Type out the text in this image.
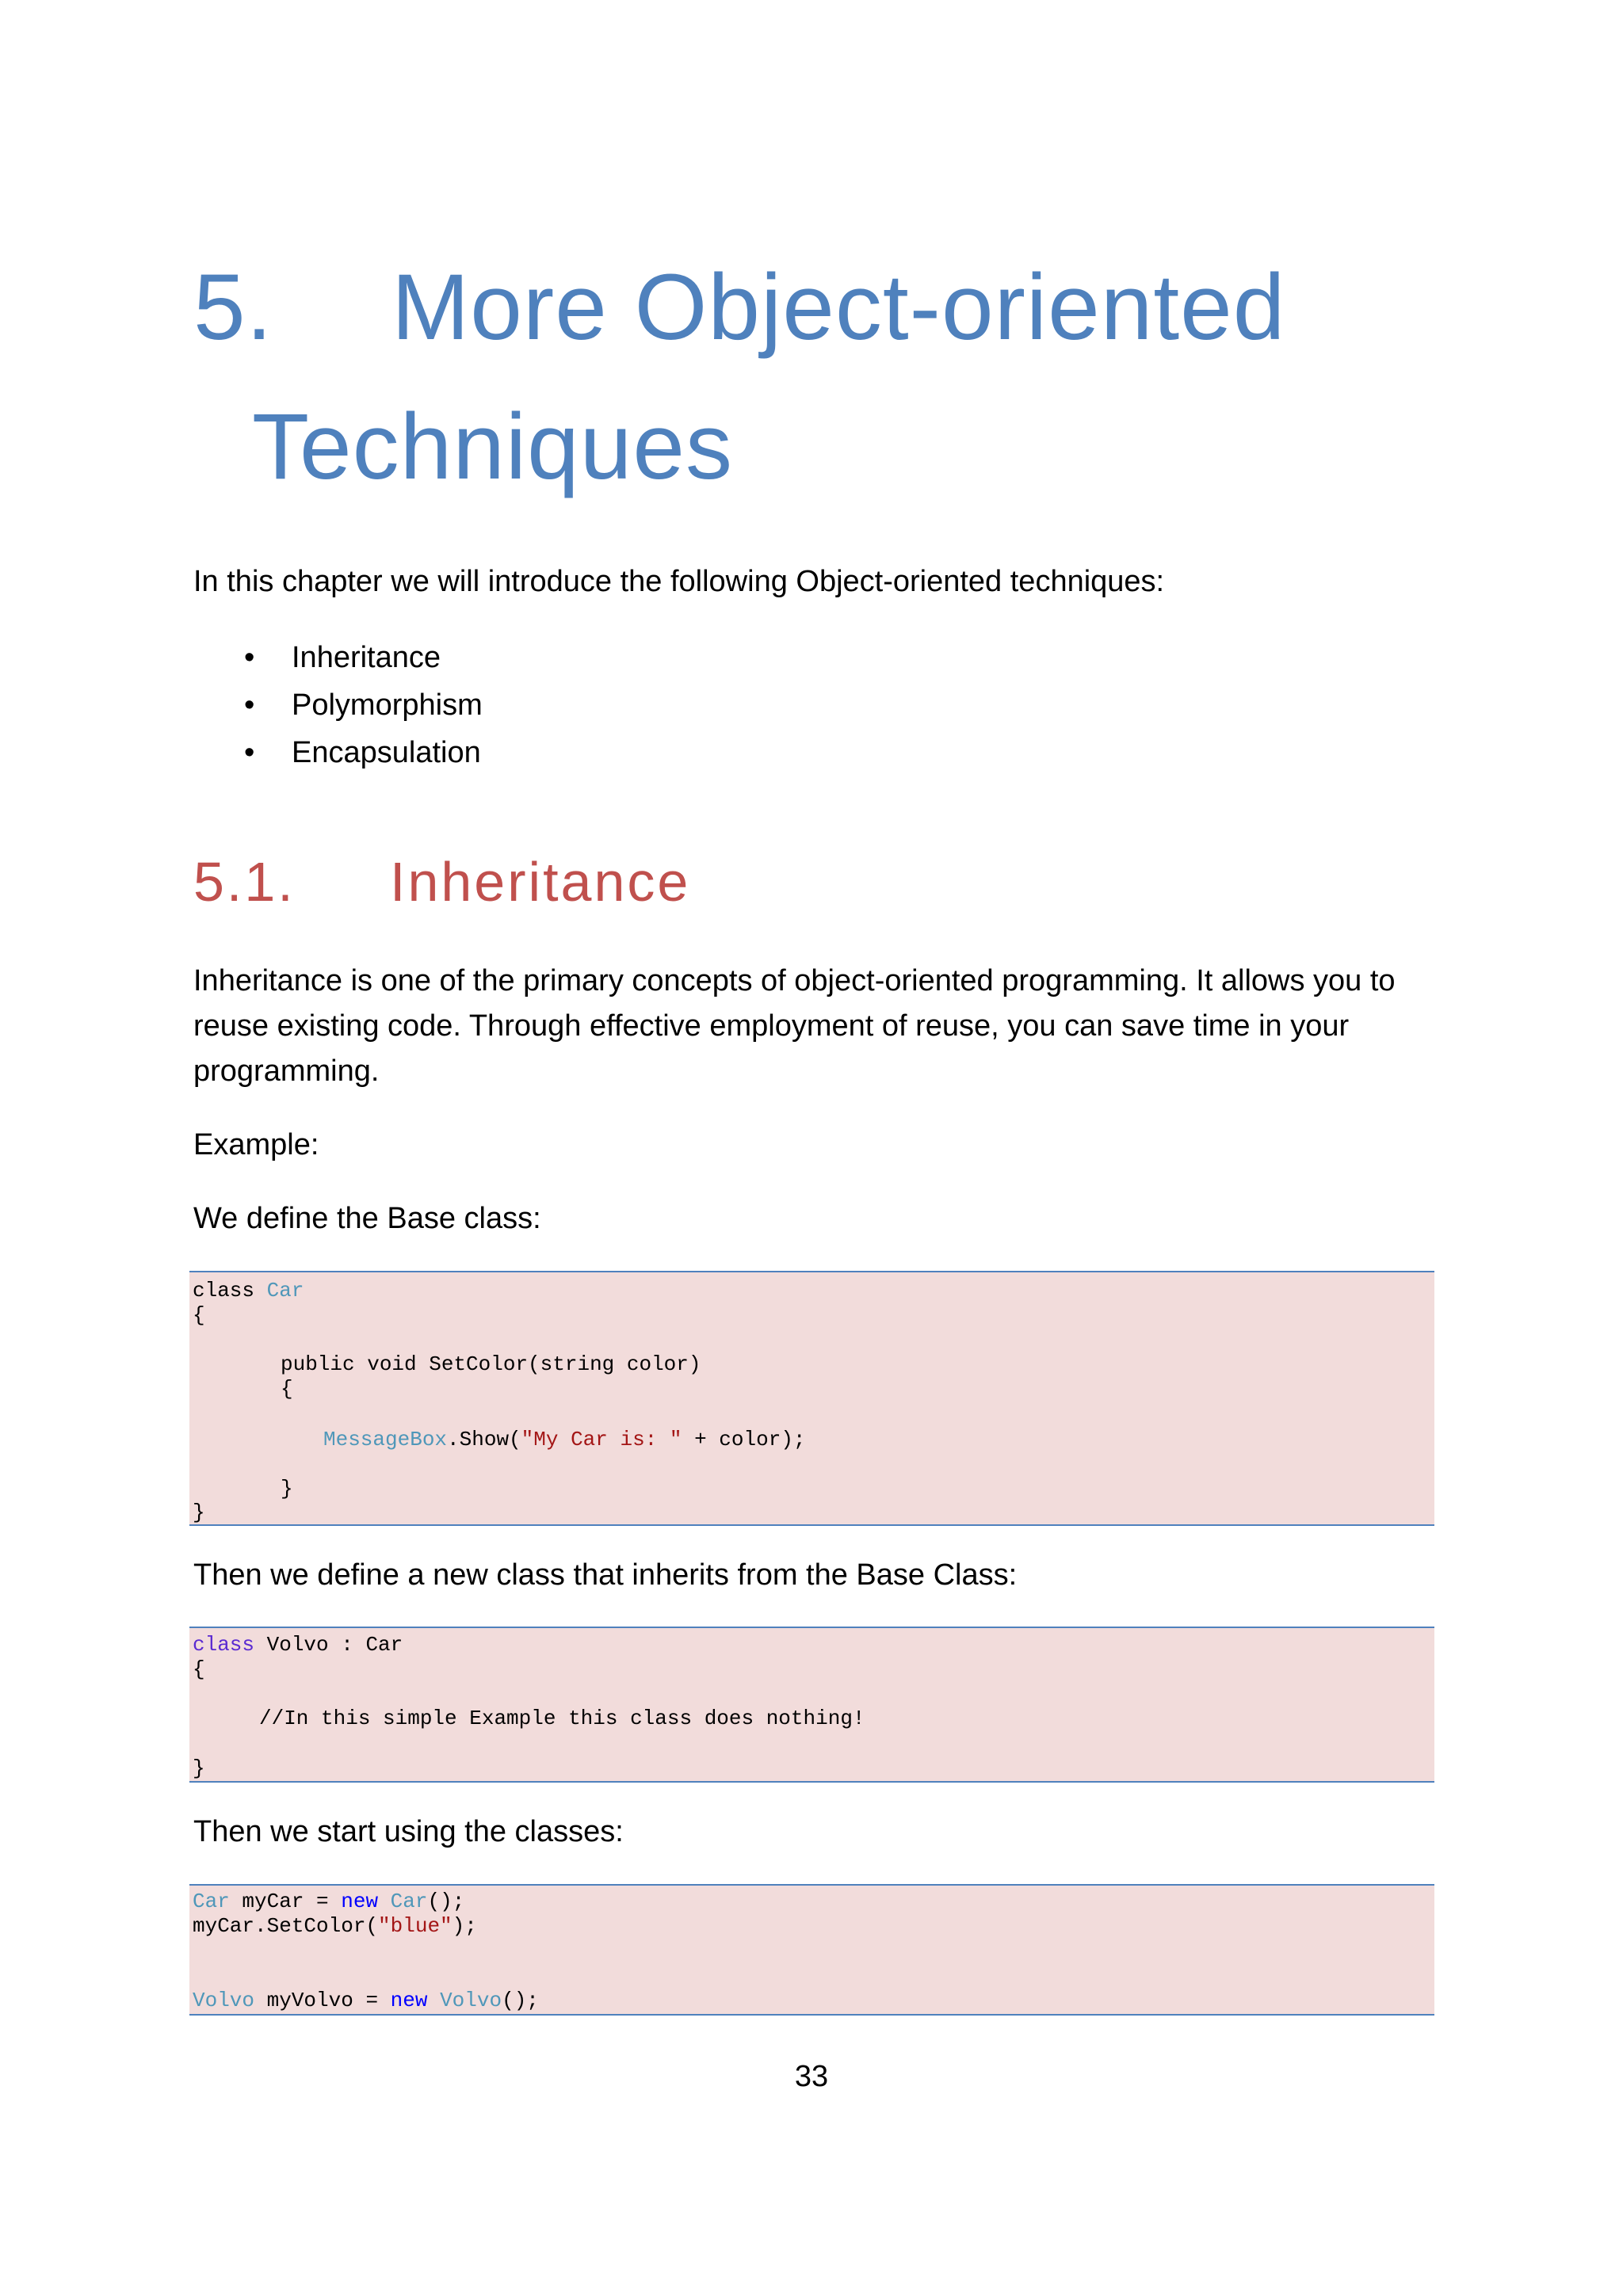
5. More Object-oriented
Techniques

In this chapter we will introduce the following Object-oriented techniques:

• Inheritance
• Polymorphism
• Encapsulation
5.1. Inheritance

Inheritance is one of the primary concepts of object-oriented programming. It allows you to
reuse existing code. Through effective employment of reuse, you can save time in your
programming.

Example:

We define the Base class:

class Car
{
public void SetColor(string color)
{
MessageBox.Show("My Car is: " + color);
}
}

Then we define a new class that inherits from the Base Class:

class Volvo : Car
{
//In this simple Example this class does nothing!
}

Then we start using the classes:

Car myCar = new Car();
myCar.SetColor("blue");
Volvo myVolvo = new Volvo();

33
